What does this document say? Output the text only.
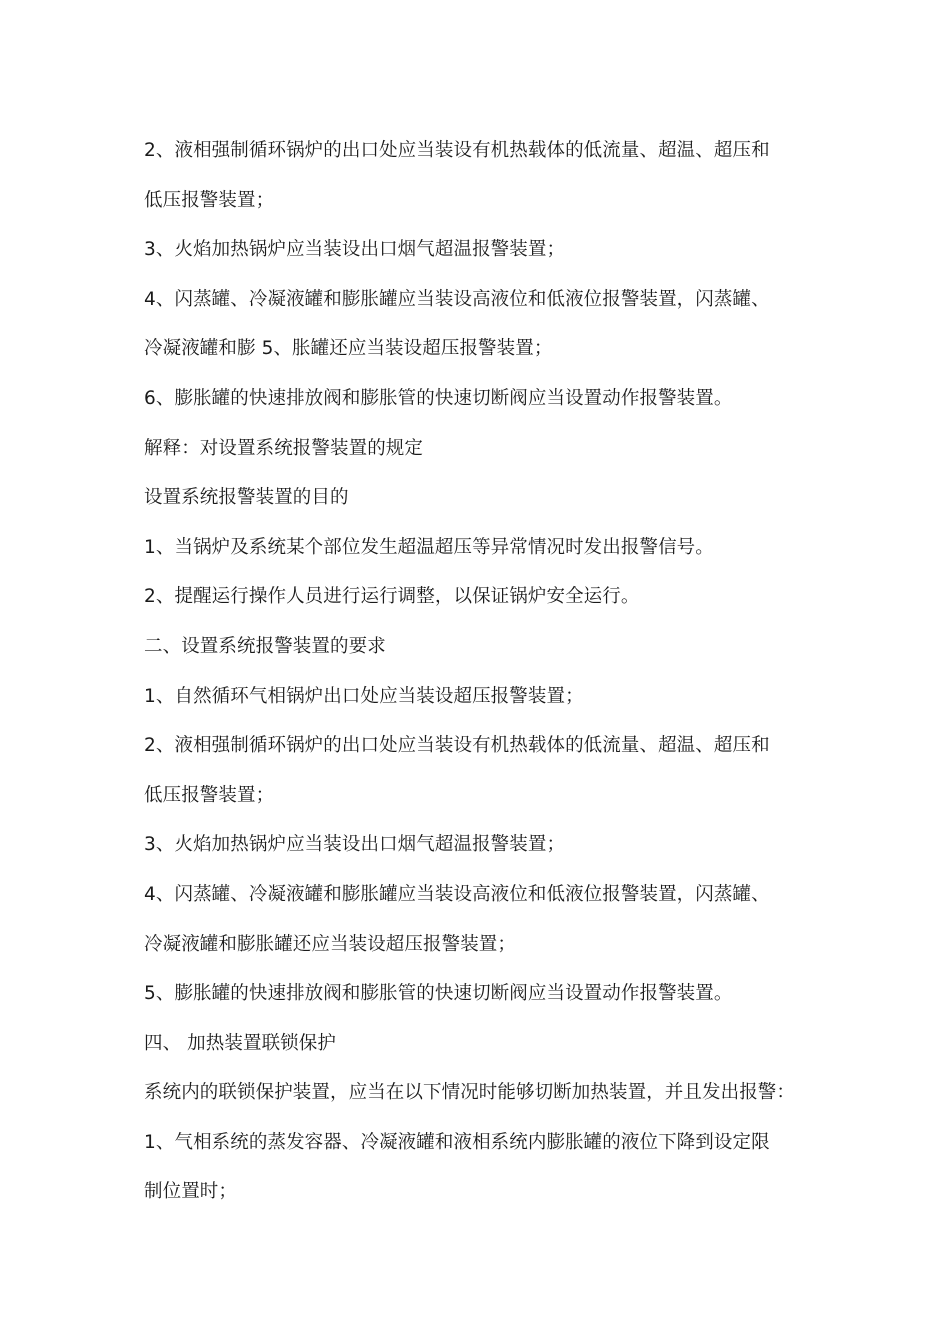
2、液相强制循环锅炉的出口处应当装设有机热载体的低流量、超温、超压和
低压报警装置；
3、火焰加热锅炉应当装设出口烟气超温报警装置；
4、闪蒸罐、冷凝液罐和膨胀罐应当装设高液位和低液位报警装置，闪蒸罐、
冷凝液罐和膨 5、胀罐还应当装设超压报警装置；
6、膨胀罐的快速排放阀和膨胀管的快速切断阀应当设置动作报警装置。
解释：对设置系统报警装置的规定
设置系统报警装置的目的
1、当锅炉及系统某个部位发生超温超压等异常情况时发出报警信号。
2、提醒运行操作人员进行运行调整，以保证锅炉安全运行。
二、设置系统报警装置的要求
1、自然循环气相锅炉出口处应当装设超压报警装置；
2、液相强制循环锅炉的出口处应当装设有机热载体的低流量、超温、超压和
低压报警装置；
3、火焰加热锅炉应当装设出口烟气超温报警装置；
4、闪蒸罐、冷凝液罐和膨胀罐应当装设高液位和低液位报警装置，闪蒸罐、
冷凝液罐和膨胀罐还应当装设超压报警装置；
5、膨胀罐的快速排放阀和膨胀管的快速切断阀应当设置动作报警装置。
四、 加热装置联锁保护
系统内的联锁保护装置，应当在以下情况时能够切断加热装置，并且发出报警：
1、气相系统的蒸发容器、冷凝液罐和液相系统内膨胀罐的液位下降到设定限
制位置时；
